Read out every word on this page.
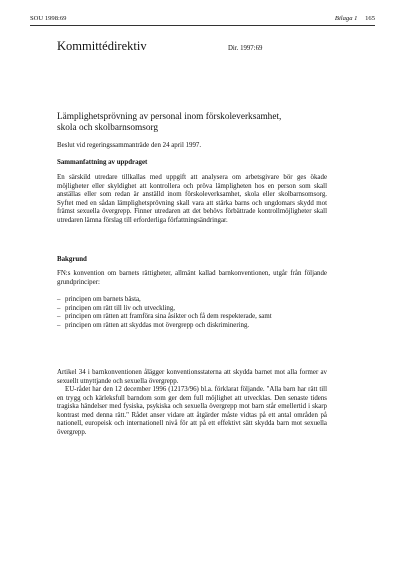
SOU 1998:69	Bilaga 1 165
Kommittédirektiv	Dir. 1997:69
Lämplighetsprövning av personal inom förskoleverksamhet, skola och skolbarnsomsorg
Beslut vid regeringssammanträde den 24 april 1997.
Sammanfattning av uppdraget
En särskild utredare tillkallas med uppgift att analysera om arbetsgivare bör ges ökade möjligheter eller skyldighet att kontrollera och pröva lämpligheten hos en person som skall anställas eller som redan är anställd inom förskoleverksamhet, skola eller skolbarnsomsorg. Syftet med en sådan lämplighetsprövning skall vara att stärka barns och ungdomars skydd mot främst sexuella övergrepp. Finner utredaren att det behövs förbättrade kontrollmöjligheter skall utredaren lämna förslag till erforderliga författningsändringar.
Bakgrund
FN:s konvention om barnets rättigheter, allmänt kallad barnkonventionen, utgår från följande grundprinciper:
– principen om barnets bästa,
– principen om rätt till liv och utveckling,
– principen om rätten att framföra sina åsikter och få dem respekterade, samt
– principen om rätten att skyddas mot övergrepp och diskriminering.
Artikel 34 i barnkonventionen ålägger konventionsstaterna att skydda barnet mot alla former av sexuellt utnyttjande och sexuella övergrepp.
EU-rådet har den 12 december 1996 (12173/96) bl.a. förklarat följande. "Alla barn har rätt till en trygg och kärleksfull barndom som ger dem full möjlighet att utvecklas. Den senaste tidens tragiska händelser med fysiska, psykiska och sexuella övergrepp mot barn står emellertid i skarp kontrast med denna rätt." Rådet anser vidare att åtgärder måste vidtas på ett antal områden på nationell, europeisk och internationell nivå för att på ett effektivt sätt skydda barn mot sexuella övergrepp.
